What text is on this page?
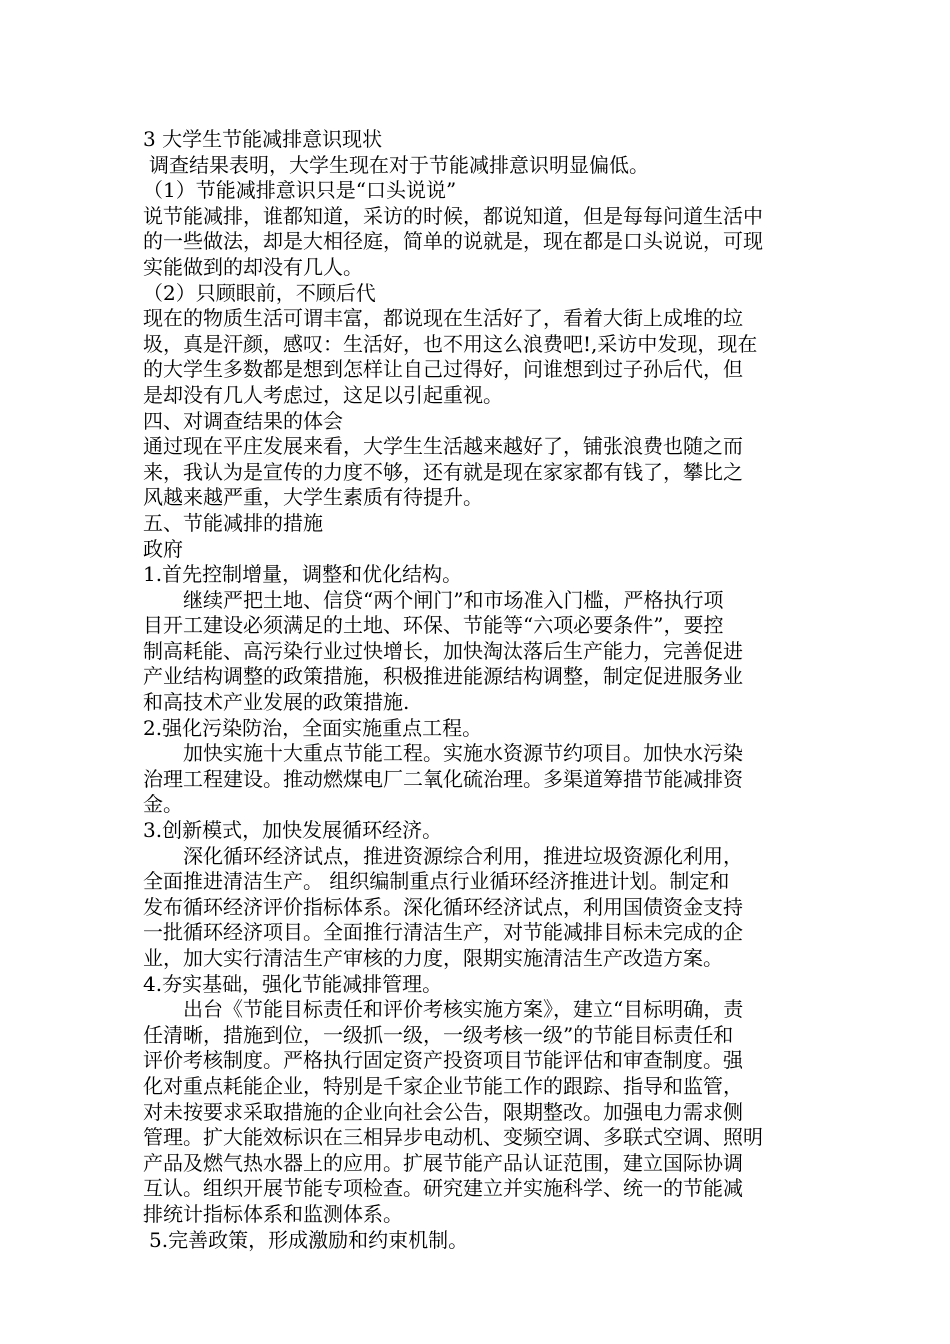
3 大学生节能减排意识现状
调查结果表明，大学生现在对于节能减排意识明显偏低。
（1）节能减排意识只是“口头说说”
说节能减排，谁都知道，采访的时候，都说知道，但是每每问道生活中
的一些做法，却是大相径庭，简单的说就是，现在都是口头说说，可现
实能做到的却没有几人。
（2）只顾眼前，不顾后代
现在的物质生活可谓丰富，都说现在生活好了，看着大街上成堆的垃
圾，真是汗颜，感叹：生活好，也不用这么浪费吧!,采访中发现，现在
的大学生多数都是想到怎样让自己过得好，问谁想到过子孙后代，但
是却没有几人考虑过，这足以引起重视。
四、对调查结果的体会
通过现在平庄发展来看，大学生生活越来越好了，铺张浪费也随之而
来，我认为是宣传的力度不够，还有就是现在家家都有钱了，攀比之
风越来越严重，大学生素质有待提升。
五、节能减排的措施
政府
1.首先控制增量，调整和优化结构。
继续严把土地、信贷“两个闸门”和市场准入门槛，严格执行项
目开工建设必须满足的土地、环保、节能等“六项必要条件”，要控
制高耗能、高污染行业过快增长，加快淘汰落后生产能力，完善促进
产业结构调整的政策措施，积极推进能源结构调整，制定促进服务业
和高技术产业发展的政策措施.
2.强化污染防治，全面实施重点工程。
加快实施十大重点节能工程。实施水资源节约项目。加快水污染
治理工程建设。推动燃煤电厂二氧化硫治理。多渠道筹措节能减排资
金。
3.创新模式，加快发展循环经济。
深化循环经济试点，推进资源综合利用，推进垃圾资源化利用，
全面推进清洁生产。 组织编制重点行业循环经济推进计划。制定和
发布循环经济评价指标体系。深化循环经济试点，利用国债资金支持
一批循环经济项目。全面推行清洁生产，对节能减排目标未完成的企
业，加大实行清洁生产审核的力度，限期实施清洁生产改造方案。
4.夯实基础，强化节能减排管理。
出台《节能目标责任和评价考核实施方案》，建立“目标明确，责
任清晰，措施到位，一级抓一级，一级考核一级”的节能目标责任和
评价考核制度。严格执行固定资产投资项目节能评估和审查制度。强
化对重点耗能企业，特别是千家企业节能工作的跟踪、指导和监管，
对未按要求采取措施的企业向社会公告，限期整改。加强电力需求侧
管理。扩大能效标识在三相异步电动机、变频空调、多联式空调、照明
产品及燃气热水器上的应用。扩展节能产品认证范围，建立国际协调
互认。组织开展节能专项检查。研究建立并实施科学、统一的节能减
排统计指标体系和监测体系。
5.完善政策，形成激励和约束机制。
